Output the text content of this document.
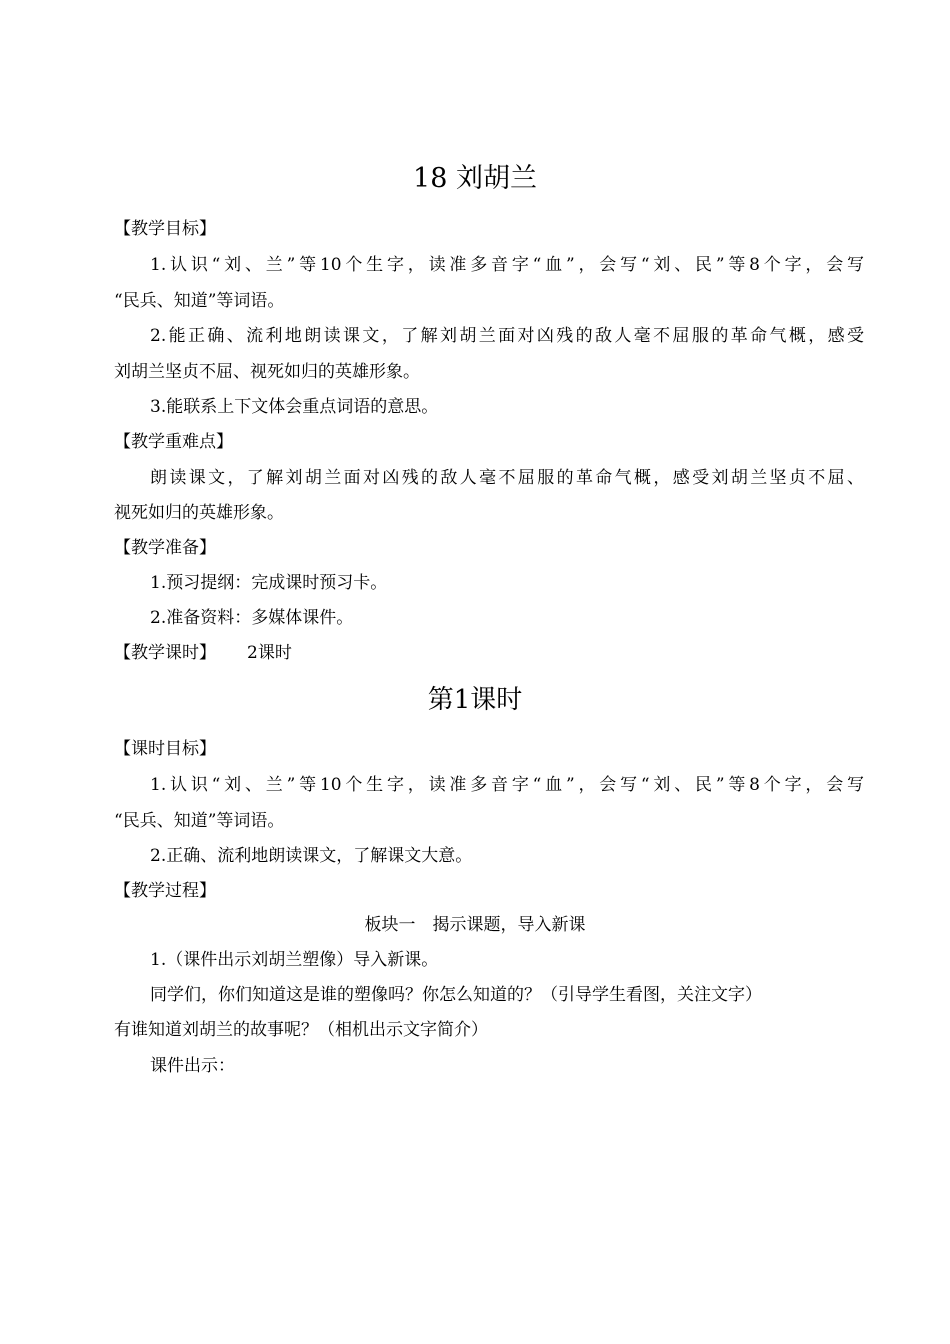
18 刘胡兰
【教学目标】
1.认识“刘、兰”等10个生字，读准多音字“血”，会写“刘、民”等8个字，会写
“民兵、知道”等词语。
2.能正确、流利地朗读课文，了解刘胡兰面对凶残的敌人毫不屈服的革命气概，感受
刘胡兰坚贞不屈、视死如归的英雄形象。
3.能联系上下文体会重点词语的意思。
【教学重难点】
朗读课文，了解刘胡兰面对凶残的敌人毫不屈服的革命气概，感受刘胡兰坚贞不屈、
视死如归的英雄形象。
【教学准备】
1.预习提纲：完成课时预习卡。
2.准备资料：多媒体课件。
【教学课时】	2课时
第1课时
【课时目标】
1.认识“刘、兰”等10个生字，读准多音字“血”，会写“刘、民”等8个字，会写
“民兵、知道”等词语。
2.正确、流利地朗读课文，了解课文大意。
【教学过程】
板块一　揭示课题，导入新课
1.（课件出示刘胡兰塑像）导入新课。
同学们，你们知道这是谁的塑像吗？你怎么知道的？（引导学生看图，关注文字）
有谁知道刘胡兰的故事呢？（相机出示文字简介）
课件出示：
